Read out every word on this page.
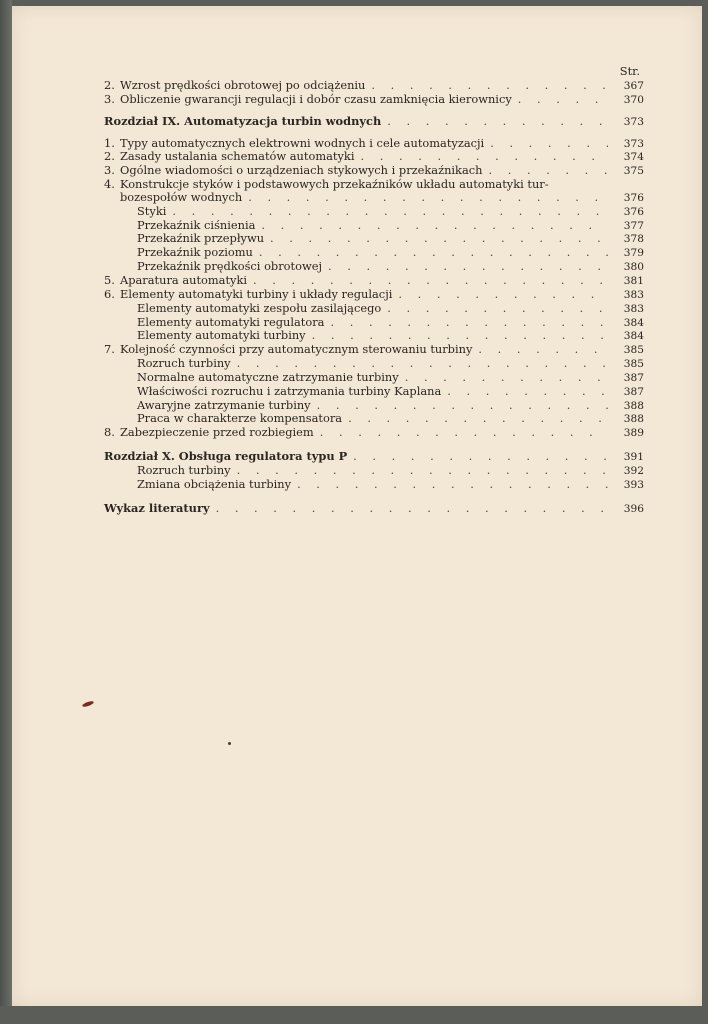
Str.
2. Wzrost prędkości obrotowej po odciążeniu . . .	367
3. Obliczenie gwarancji regulacji i dobór czasu zamknięcia kierownicy . . .	370
Rozdział IX. Automatyzacja turbin wodnych . . .	373
1. Typy automatycznych elektrowni wodnych i cele automatyzacji . . .	373
2. Zasady ustalania schematów automatyki . . .	374
3. Ogólne wiadomości o urządzeniach stykowych i przekaźnikach . . .	375
4. Konstrukcje styków i podstawowych przekaźników układu automatyki tur-
bozespołów wodnych . . .	376
Styki . . .	376
Przekaźnik ciśnienia . . .	377
Przekaźnik przepływu . . .	378
Przekaźnik poziomu . . .	379
Przekaźnik prędkości obrotowej . . .	380
5. Aparatura automatyki . . .	381
6. Elementy automatyki turbiny i układy regulacji . . .	383
Elementy automatyki zespołu zasilającego . . .	383
Elementy automatyki regulatora . . .	384
Elementy automatyki turbiny . . .	384
7. Kolejność czynności przy automatycznym sterowaniu turbiny . . .	385
Rozruch turbiny . . .	385
Normalne automatyczne zatrzymanie turbiny . . .	387
Właściwości rozruchu i zatrzymania turbiny Kaplana . . .	387
Awaryjne zatrzymanie turbiny . . .	388
Praca w charakterze kompensatora . . .	388
8. Zabezpieczenie przed rozbiegiem . . .	389
Rozdział X. Obsługa regulatora typu P . . .	391
Rozruch turbiny . . .	392
Zmiana obciążenia turbiny . . .	393
Wykaz literatury . . .	396
